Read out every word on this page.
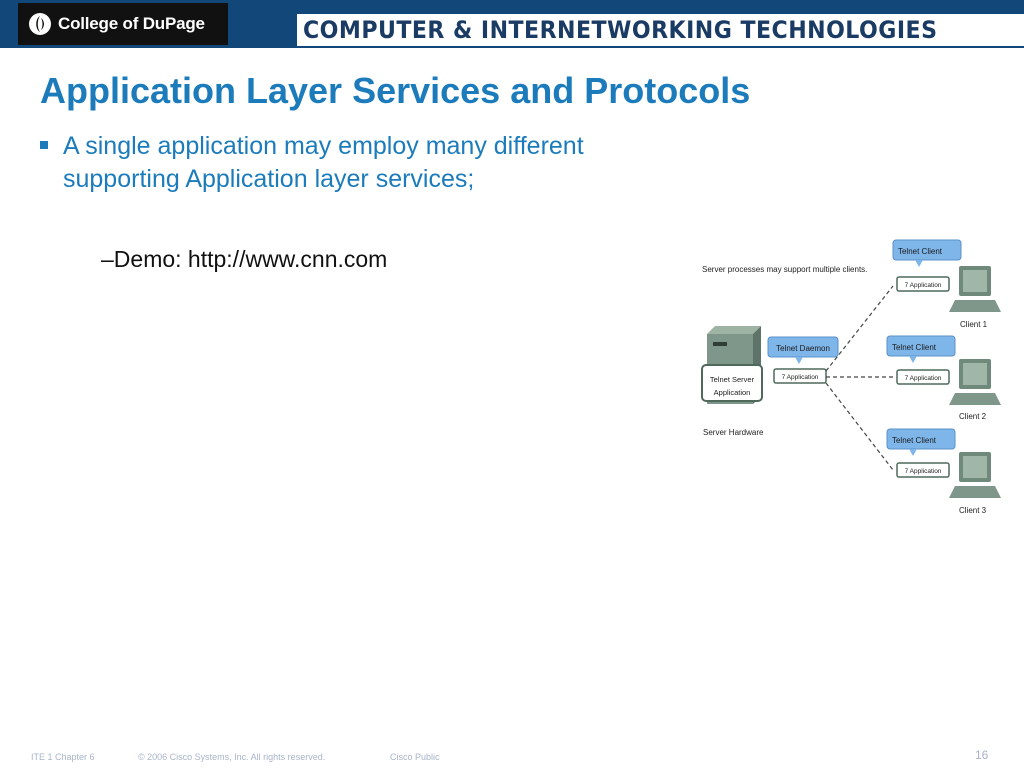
College of DuPage	COMPUTER & INTERNETWORKING TECHNOLOGIES
Application Layer Services and Protocols
A single application may employ many different supporting Application layer services;
–Demo: http://www.cnn.com	Server processes may support multiple clients.
Telnet Server
Application
Server Hardware
Telnet Daemon
7 Application
Telnet Client
7 Application
Client 1
Telnet Client
7 Application
Client 2
Telnet Client
7 Application
Client 3
ITE 1 Chapter 6	© 2006 Cisco Systems, Inc. All rights reserved.	Cisco Public	16
